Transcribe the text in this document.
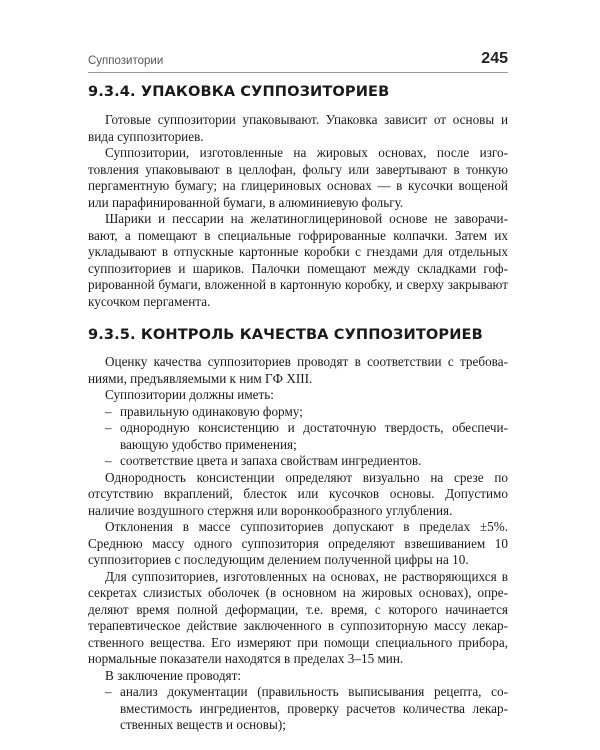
Суппозитории	245
9.3.4. УПАКОВКА СУППОЗИТОРИЕВ

Готовые суппозитории упаковывают. Упаковка зависит от основы и вида суппозиториев.

Суппозитории, изготовленные на жировых основах, после изготовления упаковывают в целлофан, фольгу или завертывают в тонкую пергаментную бумагу; на глицериновых основах — в кусочки вощеной или парафинированной бумаги, в алюминиевую фольгу.

Шарики и пессарии на желатиноглицериновой основе не заворачивают, а помещают в специальные гофрированные колпачки. Затем их укладывают в отпускные картонные коробки с гнездами для отдельных суппозиториев и шариков. Палочки помещают между складками гофрированной бумаги, вложенной в картонную коробку, и сверху закрывают кусочком пергамента.

9.3.5. КОНТРОЛЬ КАЧЕСТВА СУППОЗИТОРИЕВ

Оценку качества суппозиториев проводят в соответствии с требованиями, предъявляемыми к ним ГФ XIII.

Суппозитории должны иметь:

– правильную одинаковую форму;
– однородную консистенцию и достаточную твердость, обеспечивающую удобство применения;
– соответствие цвета и запаха свойствам ингредиентов.

Однородность консистенции определяют визуально на срезе по отсутствию вкраплений, блесток или кусочков основы. Допустимо наличие воздушного стержня или воронкообразного углубления.

Отклонения в массе суппозиториев допускают в пределах ±5%. Среднюю массу одного суппозитория определяют взвешиванием 10 суппозиториев с последующим делением полученной цифры на 10.

Для суппозиториев, изготовленных на основах, не растворяющихся в секретах слизистых оболочек (в основном на жировых основах), определяют время полной деформации, т.е. время, с которого начинается терапевтическое действие заключенного в суппозиторную массу лекарственного вещества. Его измеряют при помощи специального прибора, нормальные показатели находятся в пределах 3–15 мин.

В заключение проводят:

– анализ документации (правильность выписывания рецепта, совместимость ингредиентов, проверку расчетов количества лекарственных веществ и основы);
